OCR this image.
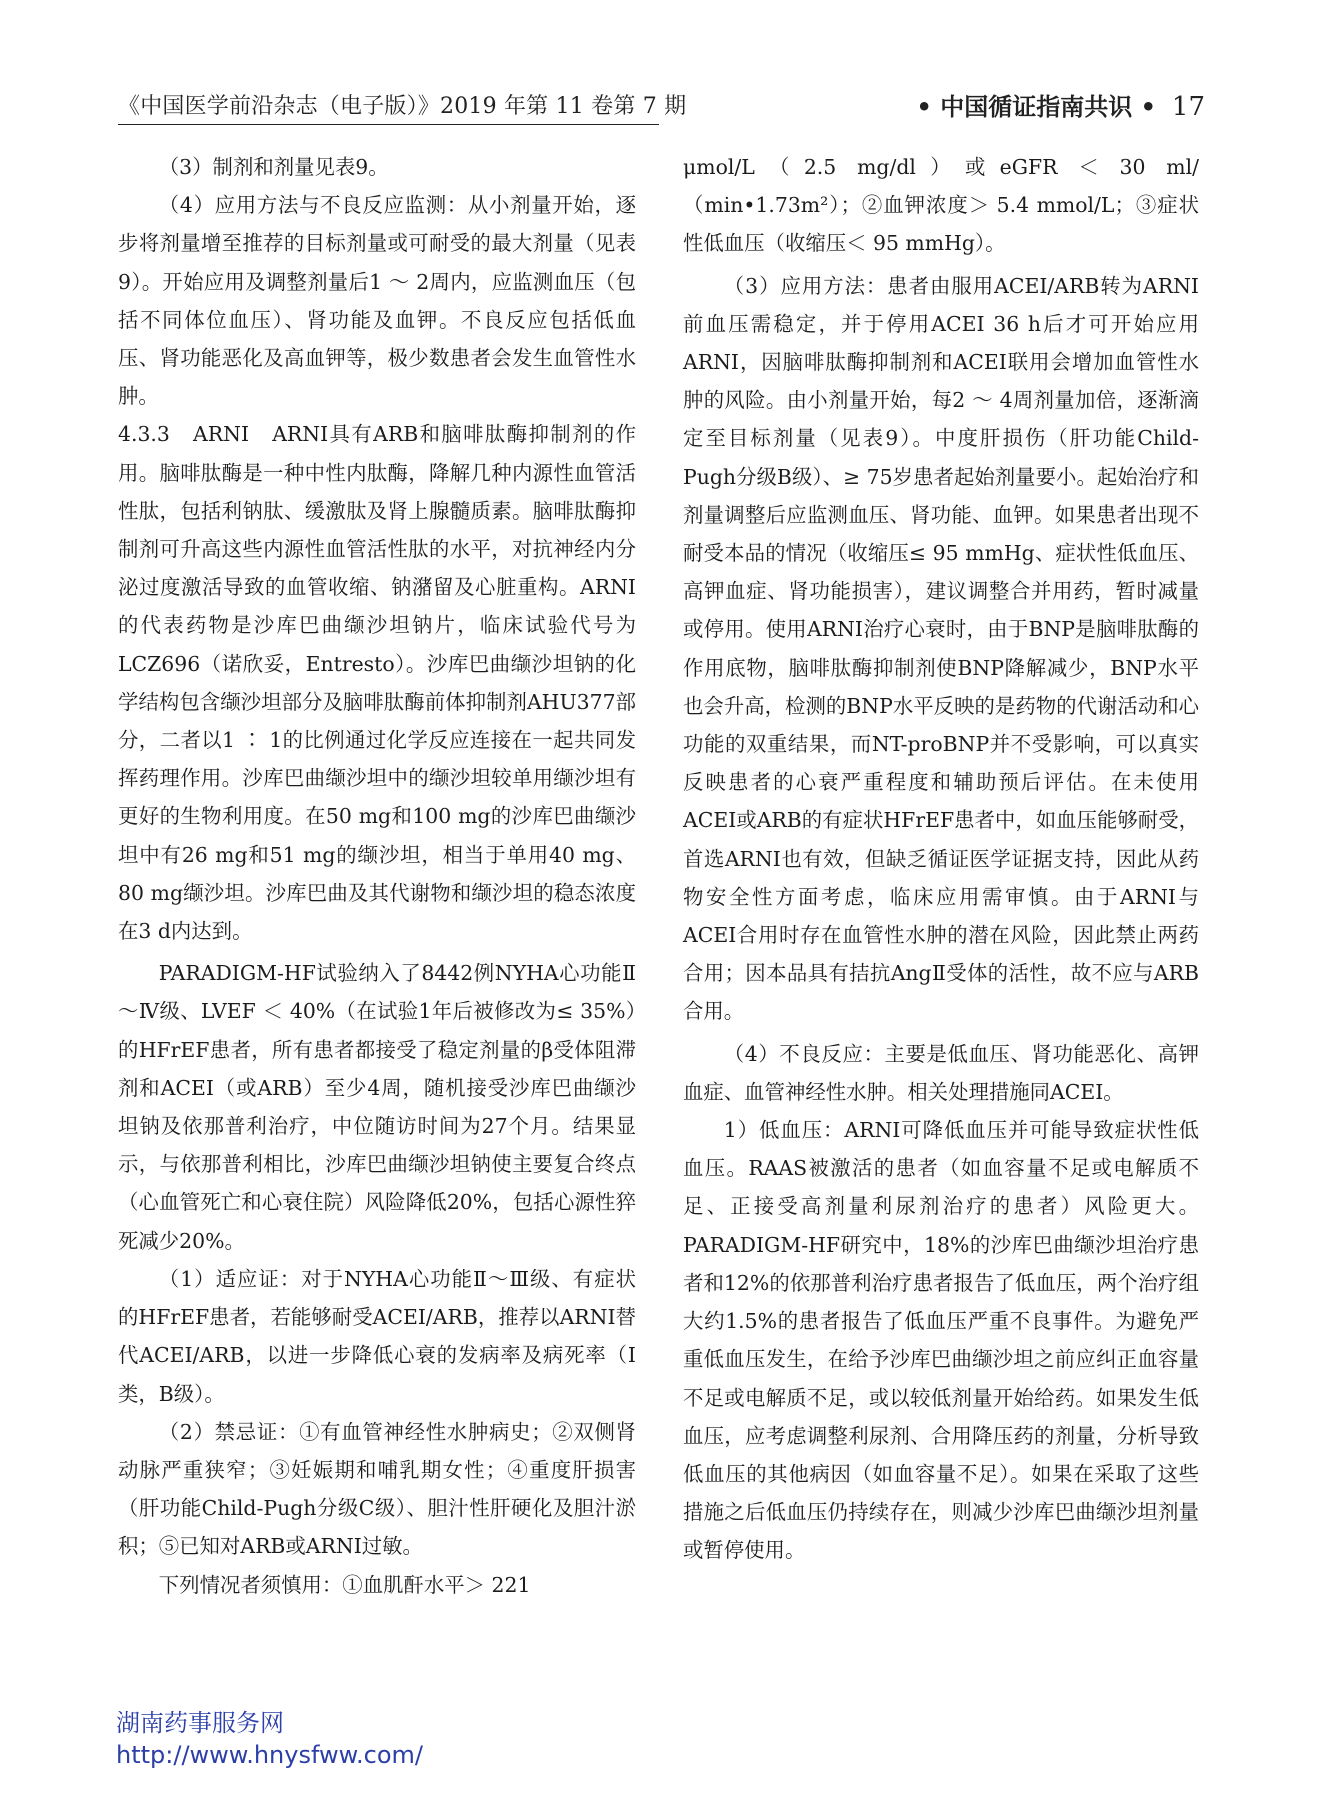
《中国医学前沿杂志（电子版）》2019 年第 11 卷第 7 期	• 中国循证指南共识 • 17

（3）制剂和剂量见表9。

（4）应用方法与不良反应监测：从小剂量开始，逐步将剂量增至推荐的目标剂量或可耐受的最大剂量（见表9）。开始应用及调整剂量后1 ～ 2周内，应监测血压（包括不同体位血压）、肾功能及血钾。不良反应包括低血压、肾功能恶化及高血钾等，极少数患者会发生血管性水肿。

4.3.3　ARNI　ARNI具有ARB和脑啡肽酶抑制剂的作用。脑啡肽酶是一种中性内肽酶，降解几种内源性血管活性肽，包括利钠肽、缓激肽及肾上腺髓质素。脑啡肽酶抑制剂可升高这些内源性血管活性肽的水平，对抗神经内分泌过度激活导致的血管收缩、钠潴留及心脏重构。ARNI的代表药物是沙库巴曲缬沙坦钠片，临床试验代号为LCZ696（诺欣妥，Entresto）。沙库巴曲缬沙坦钠的化学结构包含缬沙坦部分及脑啡肽酶前体抑制剂AHU377部分，二者以1 ∶ 1的比例通过化学反应连接在一起共同发挥药理作用。沙库巴曲缬沙坦中的缬沙坦较单用缬沙坦有更好的生物利用度。在50 mg和100 mg的沙库巴曲缬沙坦中有26 mg和51 mg的缬沙坦，相当于单用40 mg、80 mg缬沙坦。沙库巴曲及其代谢物和缬沙坦的稳态浓度在3 d内达到。

PARADIGM-HF试验纳入了8442例NYHA心功能Ⅱ～Ⅳ级、LVEF ＜ 40%（在试验1年后被修改为≤ 35%）的HFrEF患者，所有患者都接受了稳定剂量的β受体阻滞剂和ACEI（或ARB）至少4周，随机接受沙库巴曲缬沙坦钠及依那普利治疗，中位随访时间为27个月。结果显示，与依那普利相比，沙库巴曲缬沙坦钠使主要复合终点（心血管死亡和心衰住院）风险降低20%，包括心源性猝死减少20%。

（1）适应证：对于NYHA心功能Ⅱ～Ⅲ级、有症状的HFrEF患者，若能够耐受ACEI/ARB，推荐以ARNI替代ACEI/ARB，以进一步降低心衰的发病率及病死率（Ⅰ类，B级）。

（2）禁忌证：①有血管神经性水肿病史；②双侧肾动脉严重狭窄；③妊娠期和哺乳期女性；④重度肝损害（肝功能Child-Pugh分级C级）、胆汁性肝硬化及胆汁淤积；⑤已知对ARB或ARNI过敏。

下列情况者须慎用：①血肌酐水平＞ 221

μmol/L（2.5 mg/dl）或eGFR ＜ 30 ml/（min•1.73m²）；②血钾浓度＞ 5.4 mmol/L；③症状性低血压（收缩压＜ 95 mmHg）。

（3）应用方法：患者由服用ACEI/ARB转为ARNI前血压需稳定，并于停用ACEI 36 h后才可开始应用ARNI，因脑啡肽酶抑制剂和ACEI联用会增加血管性水肿的风险。由小剂量开始，每2 ～ 4周剂量加倍，逐渐滴定至目标剂量（见表9）。中度肝损伤（肝功能Child-Pugh分级B级）、≥ 75岁患者起始剂量要小。起始治疗和剂量调整后应监测血压、肾功能、血钾。如果患者出现不耐受本品的情况（收缩压≤ 95 mmHg、症状性低血压、高钾血症、肾功能损害），建议调整合并用药，暂时减量或停用。使用ARNI治疗心衰时，由于BNP是脑啡肽酶的作用底物，脑啡肽酶抑制剂使BNP降解减少，BNP水平也会升高，检测的BNP水平反映的是药物的代谢活动和心功能的双重结果，而NT-proBNP并不受影响，可以真实反映患者的心衰严重程度和辅助预后评估。在未使用ACEI或ARB的有症状HFrEF患者中，如血压能够耐受，首选ARNI也有效，但缺乏循证医学证据支持，因此从药物安全性方面考虑，临床应用需审慎。由于ARNI与ACEI合用时存在血管性水肿的潜在风险，因此禁止两药合用；因本品具有拮抗AngⅡ受体的活性，故不应与ARB合用。

（4）不良反应：主要是低血压、肾功能恶化、高钾血症、血管神经性水肿。相关处理措施同ACEI。

1）低血压：ARNI可降低血压并可能导致症状性低血压。RAAS被激活的患者（如血容量不足或电解质不足、正接受高剂量利尿剂治疗的患者）风险更大。PARADIGM-HF研究中，18%的沙库巴曲缬沙坦治疗患者和12%的依那普利治疗患者报告了低血压，两个治疗组大约1.5%的患者报告了低血压严重不良事件。为避免严重低血压发生，在给予沙库巴曲缬沙坦之前应纠正血容量不足或电解质不足，或以较低剂量开始给药。如果发生低血压，应考虑调整利尿剂、合用降压药的剂量，分析导致低血压的其他病因（如血容量不足）。如果在采取了这些措施之后低血压仍持续存在，则减少沙库巴曲缬沙坦剂量或暂停使用。

湖南药事服务网
http://www.hnysfww.com/
